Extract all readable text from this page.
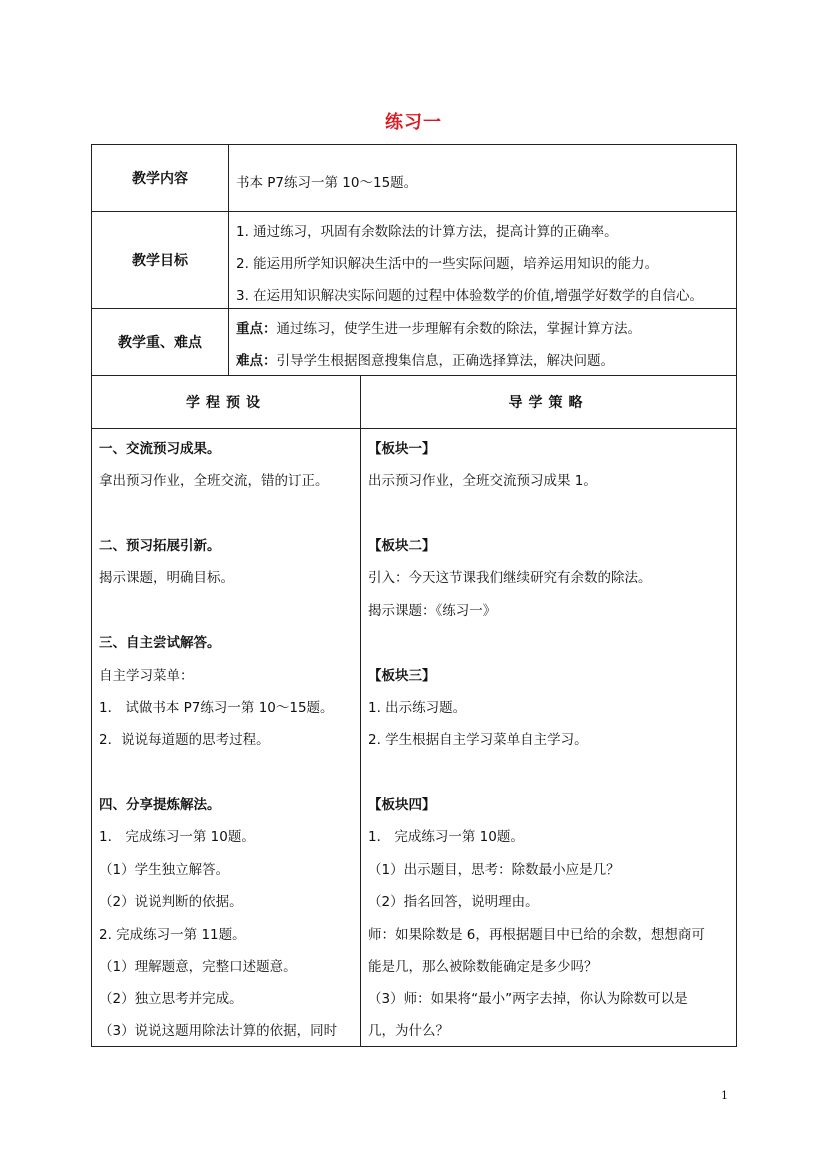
练习一
教学内容	书本 P7练习一第 10～15题。
教学目标
1. 通过练习，巩固有余数除法的计算方法，提高计算的正确率。
2. 能运用所学知识解决生活中的一些实际问题，培养运用知识的能力。
3. 在运用知识解决实际问题的过程中体验数学的价值,增强学好数学的自信心。
教学重、难点
重点：通过练习，使学生进一步理解有余数的除法，掌握计算方法。
难点：引导学生根据图意搜集信息，正确选择算法，解决问题。
学程预设	导学策略
一、交流预习成果。
拿出预习作业，全班交流，错的订正。
二、预习拓展引新。
揭示课题，明确目标。
三、自主尝试解答。
自主学习菜单：
1． 试做书本 P7练习一第 10～15题。
2．说说每道题的思考过程。
四、分享提炼解法。
1． 完成练习一第 10题。
（1）学生独立解答。
（2）说说判断的依据。
2. 完成练习一第 11题。
（1）理解题意，完整口述题意。
（2）独立思考并完成。
（3）说说这题用除法计算的依据，同时
【板块一】
出示预习作业，全班交流预习成果 1。
【板块二】
引入：今天这节课我们继续研究有余数的除法。
揭示课题：《练习一》
【板块三】
1. 出示练习题。
2. 学生根据自主学习菜单自主学习。
【板块四】
1． 完成练习一第 10题。
（1）出示题目，思考：除数最小应是几？
（2）指名回答，说明理由。
师：如果除数是 6，再根据题目中已给的余数，想想商可
能是几，那么被除数能确定是多少吗？
（3）师：如果将“最小”两字去掉，你认为除数可以是
几，为什么？
1
